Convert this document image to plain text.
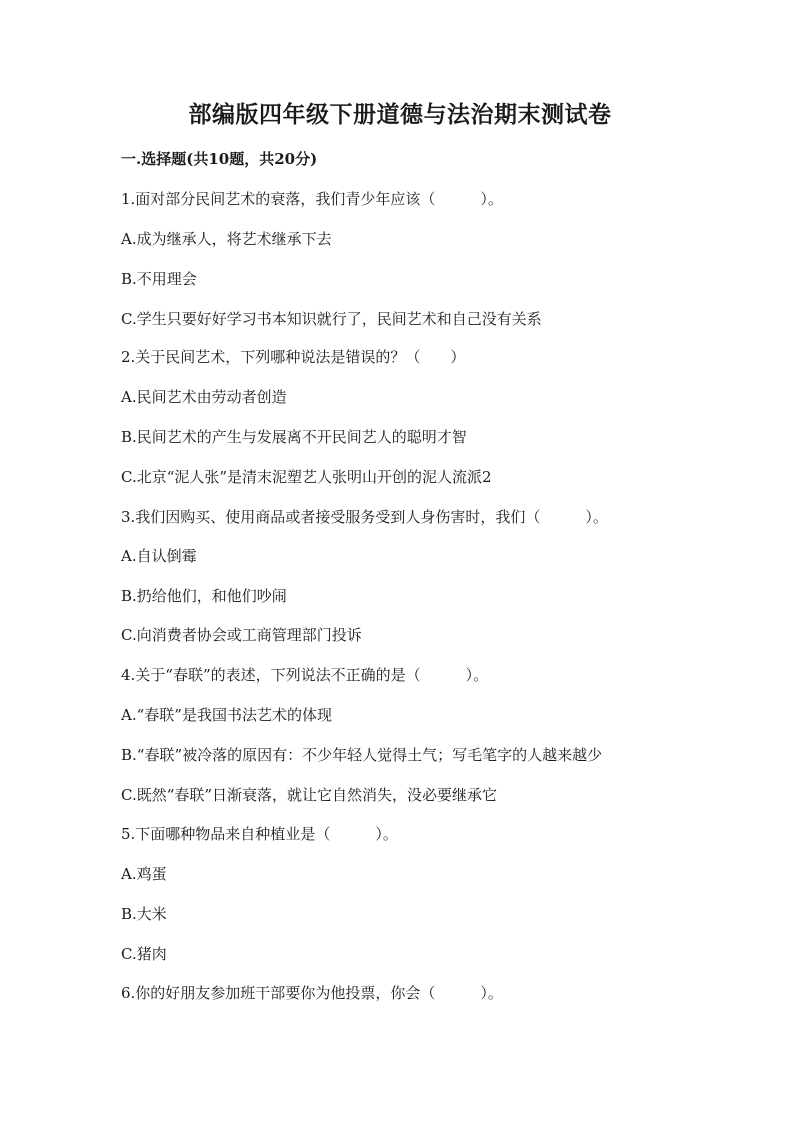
部编版四年级下册道德与法治期末测试卷
一.选择题(共10题，共20分)
1.面对部分民间艺术的衰落，我们青少年应该（　　　）。
A.成为继承人，将艺术继承下去
B.不用理会
C.学生只要好好学习书本知识就行了，民间艺术和自己没有关系
2.关于民间艺术，下列哪种说法是错误的？（　　）
A.民间艺术由劳动者创造
B.民间艺术的产生与发展离不开民间艺人的聪明才智
C.北京“泥人张”是清末泥塑艺人张明山开创的泥人流派2
3.我们因购买、使用商品或者接受服务受到人身伤害时，我们（　　　）。
A.自认倒霉
B.扔给他们，和他们吵闹
C.向消费者协会或工商管理部门投诉
4.关于“春联”的表述，下列说法不正确的是（　　　）。
A.“春联”是我国书法艺术的体现
B.“春联”被冷落的原因有：不少年轻人觉得土气；写毛笔字的人越来越少
C.既然“春联”日渐衰落，就让它自然消失，没必要继承它
5.下面哪种物品来自种植业是（　　　）。
A.鸡蛋
B.大米
C.猪肉
6.你的好朋友参加班干部要你为他投票，你会（　　　）。
